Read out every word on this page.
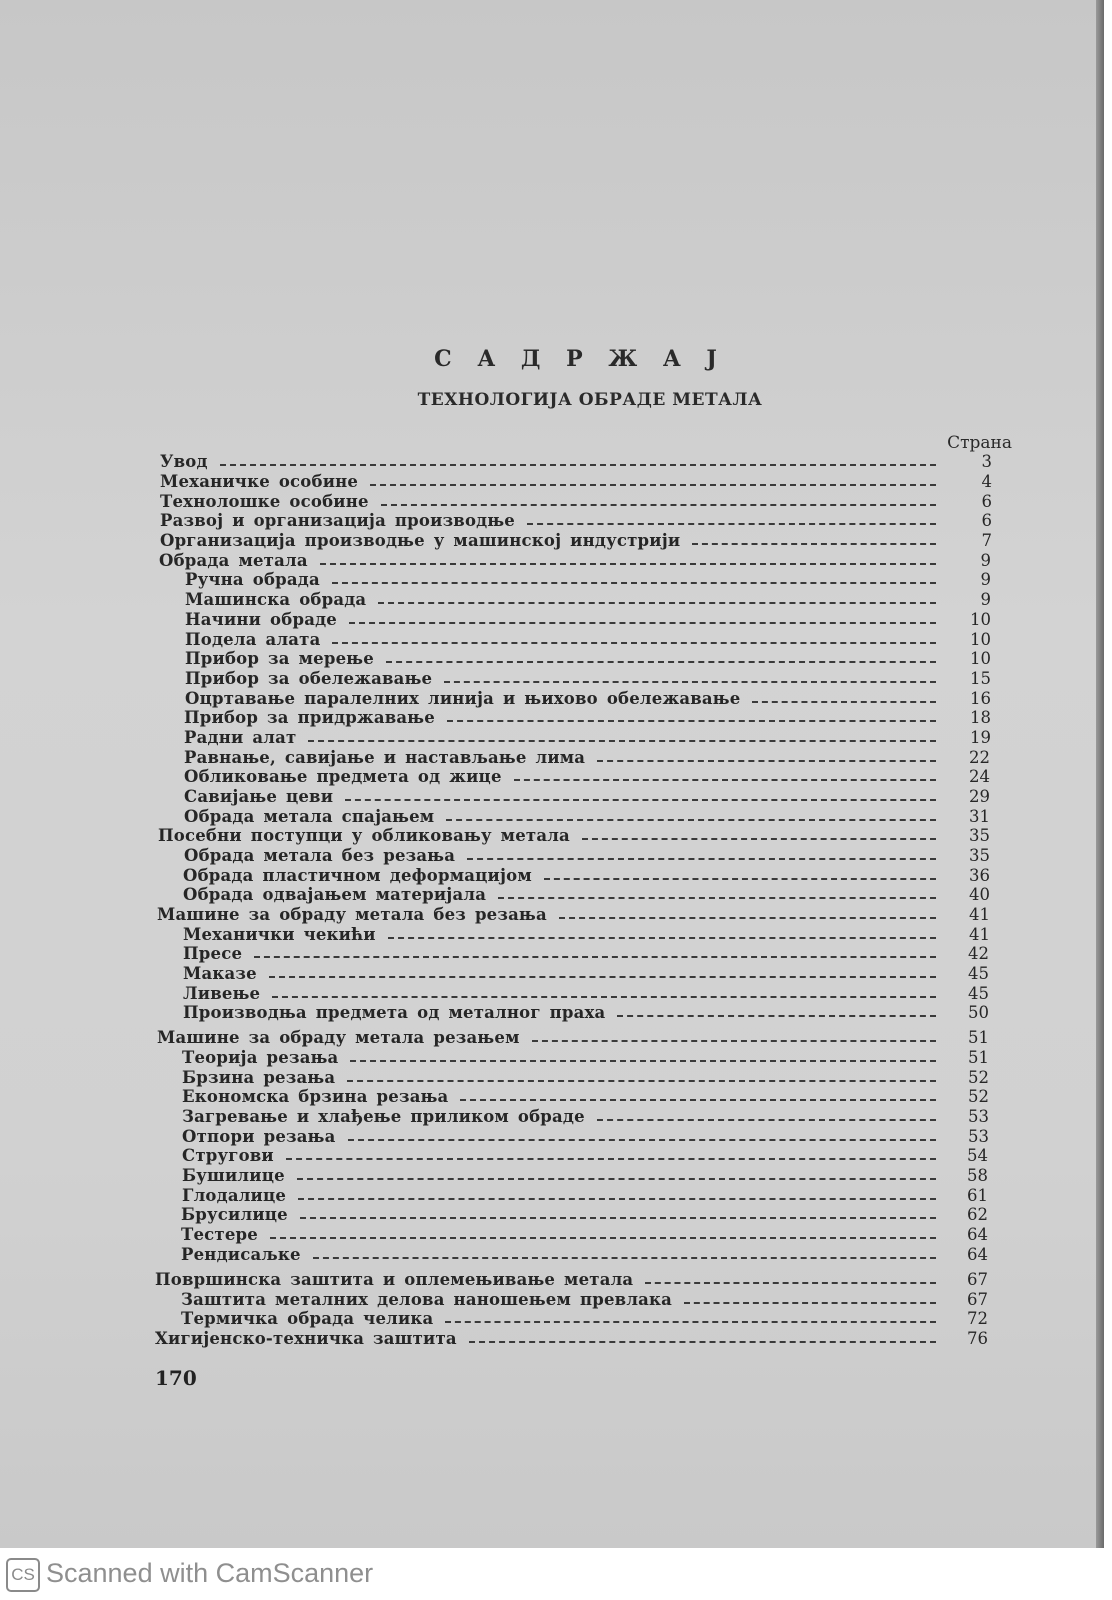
С А Д Р Ж А Ј
ТЕХНОЛОГИЈА ОБРАДЕ МЕТАЛА
Страна
Увод	3
Механичке особине	4
Технолошке особине	6
Развој и организација производње	6
Организација производње у машинској индустрији	7
Обрада метала	9
Ручна обрада	9
Машинска обрада	9
Начини обраде	10
Подела алата	10
Прибор за мерење	10
Прибор за обележавање	15
Оцртавање паралелних линија и њихово обележавање	16
Прибор за придржавање	18
Радни алат	19
Равнање, савијање и настављање лима	22
Обликовање предмета од жице	24
Савијање цеви	29
Обрада метала спајањем	31
Посебни поступци у обликовању метала	35
Обрада метала без резања	35
Обрада пластичном деформацијом	36
Обрада одвајањем материјала	40
Машине за обраду метала без резања	41
Механички чекићи	41
Пресе	42
Маказе	45
Ливење	45
Производња предмета од металног праха	50
Машине за обраду метала резањем	51
Теорија резања	51
Брзина резања	52
Економска брзина резања	52
Загревање и хлађење приликом обраде	53
Отпори резања	53
Стругови	54
Бушилице	58
Глодалице	61
Брусилице	62
Тестере	64
Рендисаљке	64
Површинска заштита и оплемењивање метала	67
Заштита металних делова наношењем превлака	67
Термичка обрада челика	72
Хигијенско-техничка заштита	76
170
CS Scanned with CamScanner
